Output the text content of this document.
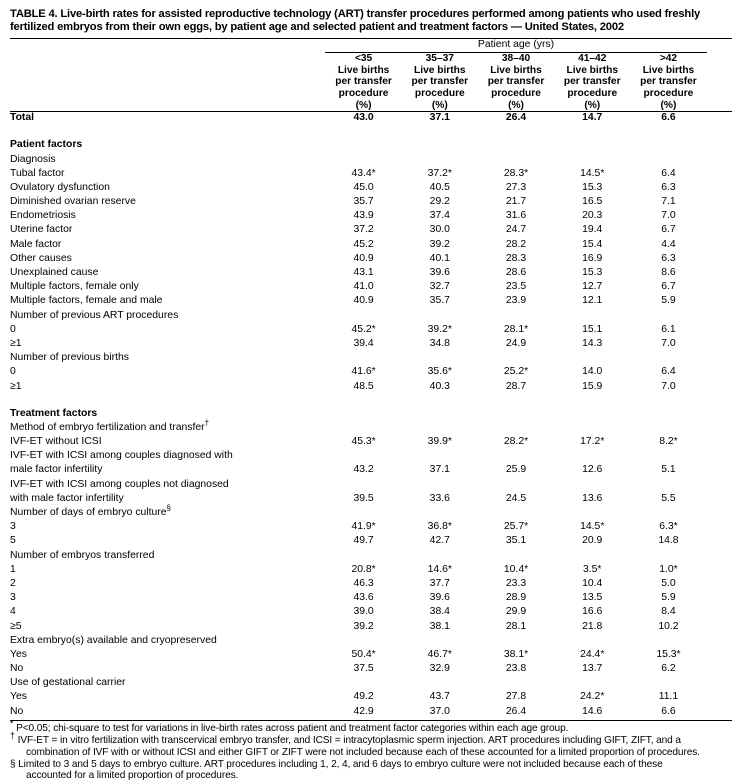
TABLE 4. Live-birth rates for assisted reproductive technology (ART) transfer procedures performed among patients who used freshly fertilized embryos from their own eggs, by patient age and selected patient and treatment factors — United States, 2002
	Patient age (yrs)					

	<35
Live births
per transfer
procedure
(%)	35–37
Live births
per transfer
procedure
(%)	38–40
Live births
per transfer
procedure
(%)	41–42
Live births
per transfer
procedure
(%)	>42
Live births
per transfer
procedure
(%)	
Total	43.0	37.1	26.4	14.7	6.6	

Patient factors						
Diagnosis						
Tubal factor	43.4*	37.2*	28.3*	14.5*	6.4	
Ovulatory dysfunction	45.0	40.5	27.3	15.3	6.3	
Diminished ovarian reserve	35.7	29.2	21.7	16.5	7.1	
Endometriosis	43.9	37.4	31.6	20.3	7.0	
Uterine factor	37.2	30.0	24.7	19.4	6.7	
Male factor	45.2	39.2	28.2	15.4	4.4	
Other causes	40.9	40.1	28.3	16.9	6.3	
Unexplained cause	43.1	39.6	28.6	15.3	8.6	
Multiple factors, female only	41.0	32.7	23.5	12.7	6.7	
Multiple factors, female and male	40.9	35.7	23.9	12.1	5.9	
Number of previous ART procedures						
0	45.2*	39.2*	28.1*	15.1	6.1	
≥1	39.4	34.8	24.9	14.3	7.0	
Number of previous births						
0	41.6*	35.6*	25.2*	14.0	6.4	
≥1	48.5	40.3	28.7	15.9	7.0	

Treatment factors						
Method of embryo fertilization and transfer†						
IVF-ET without ICSI	45.3*	39.9*	28.2*	17.2*	8.2*	
IVF-ET with ICSI among couples diagnosed with						
male factor infertility	43.2	37.1	25.9	12.6	5.1	
IVF-ET with ICSI among couples not diagnosed						
with male factor infertility	39.5	33.6	24.5	13.6	5.5	
Number of days of embryo culture§						
3	41.9*	36.8*	25.7*	14.5*	6.3*	
5	49.7	42.7	35.1	20.9	14.8	
Number of embryos transferred						
1	20.8*	14.6*	10.4*	3.5*	1.0*	
2	46.3	37.7	23.3	10.4	5.0	
3	43.6	39.6	28.9	13.5	5.9	
4	39.0	38.4	29.9	16.6	8.4	
≥5	39.2	38.1	28.1	21.8	10.2	
Extra embryo(s) available and cryopreserved						
Yes	50.4*	46.7*	38.1*	24.4*	15.3*	
No	37.5	32.9	23.8	13.7	6.2	
Use of gestational carrier						
Yes	49.2	43.7	27.8	24.2*	11.1	
No	42.9	37.0	26.4	14.6	6.6	
* P<0.05; chi-square to test for variations in live-birth rates across patient and treatment factor categories within each age group.
† IVF-ET = in vitro fertilization with transcervical embryo transfer, and ICSI = intracytoplasmic sperm injection. ART procedures including GIFT, ZIFT, and a
combination of IVF with or without ICSI and either GIFT or ZIFT were not included because each of these accounted for a limited proportion of procedures.
§ Limited to 3 and 5 days to embryo culture. ART procedures including 1, 2, 4, and 6 days to embryo culture were not included because each of these
accounted for a limited proportion of procedures.
